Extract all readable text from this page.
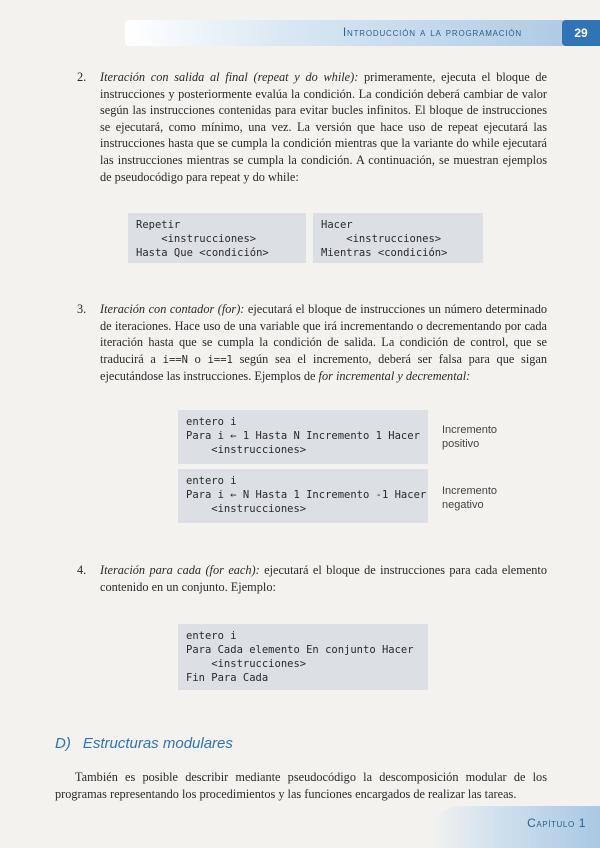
Introducción a la programación	29
2. Iteración con salida al final (repeat y do while): primeramente, ejecuta el bloque de instrucciones y posteriormente evalúa la condición. La condición deberá cambiar de valor según las instrucciones contenidas para evitar bucles infinitos. El bloque de instrucciones se ejecutará, como mínimo, una vez. La versión que hace uso de repeat ejecutará las instrucciones hasta que se cumpla la condición mientras que la variante do while ejecutará las instrucciones mientras se cumpla la condición. A continuación, se muestran ejemplos de pseudocódigo para repeat y do while:
Repetir
<instrucciones>
Hasta Que <condición>
Hacer
<instrucciones>
Mientras <condición>
3. Iteración con contador (for): ejecutará el bloque de instrucciones un número determinado de iteraciones. Hace uso de una variable que irá incrementando o decrementando por cada iteración hasta que se cumpla la condición de salida. La condición de control, que se traducirá a i==N o i==1 según sea el incremento, deberá ser falsa para que sigan ejecutándose las instrucciones. Ejemplos de for incremental y decremental:
entero i
Para i ← 1 Hasta N Incremento 1 Hacer
<instrucciones>
Incremento
positivo
entero i
Para i ← N Hasta 1 Incremento -1 Hacer
<instrucciones>
Incremento
negativo
4. Iteración para cada (for each): ejecutará el bloque de instrucciones para cada elemento contenido en un conjunto. Ejemplo:
entero i
Para Cada elemento En conjunto Hacer
<instrucciones>
Fin Para Cada
D) Estructuras modulares
También es posible describir mediante pseudocódigo la descomposición modular de los programas representando los procedimientos y las funciones encargados de realizar las tareas.
Capítulo 1
